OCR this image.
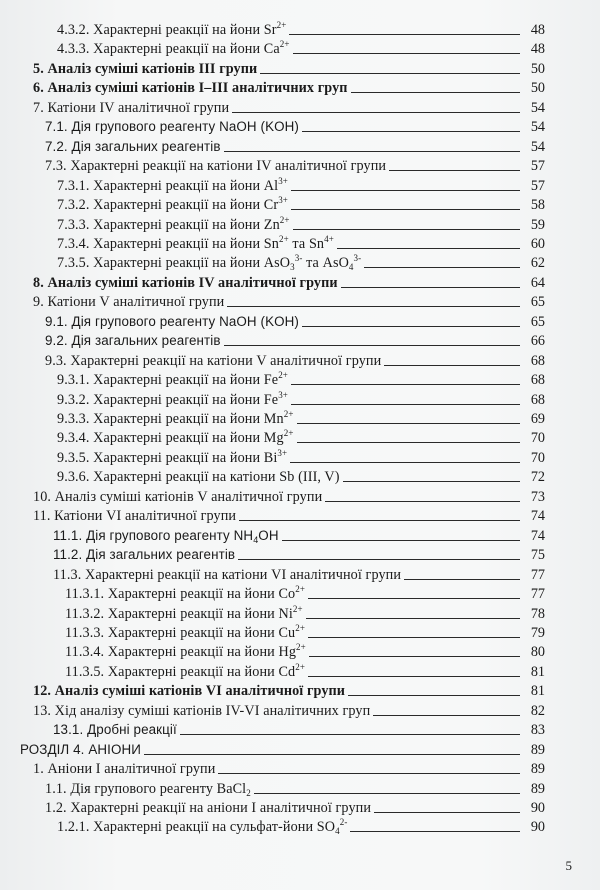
4.3.2. Характерні реакції на йони $Sr^{2+}$	48
4.3.3. Характерні реакції на йони $Ca^{2+}$	48
5. Аналіз суміші катіонів ІІІ групи	50
6. Аналіз суміші катіонів І–ІІІ аналітичних груп	50
7. Катіони IV аналітичної групи	54
7.1. Дія групового реагенту NaOH (KOH)	54
7.2. Дія загальних реагентів	54
7.3. Характерні реакції на катіони IV аналітичної групи	57
7.3.1. Характерні реакції на йони $Al^{3+}$	57
7.3.2. Характерні реакції на йони $Cr^{3+}$	58
7.3.3. Характерні реакції на йони $Zn^{2+}$	59
7.3.4. Характерні реакції на йони $Sn^{2+}$ та $Sn^{4+}$	60
7.3.5. Характерні реакції на йони AsO$_3^{3-}$ та AsO$_4^{3-}$	62
8. Аналіз суміші катіонів IV аналітичної групи	64
9. Катіони V аналітичної групи	65
9.1. Дія групового реагенту NaOH (KOH)	65
9.2. Дія загальних реагентів	66
9.3. Характерні реакції на катіони V аналітичної групи	68
9.3.1. Характерні реакції на йони $Fe^{2+}$	68
9.3.2. Характерні реакції на йони $Fe^{3+}$	68
9.3.3. Характерні реакції на йони $Mn^{2+}$	69
9.3.4. Характерні реакції на йони $Mg^{2+}$	70
9.3.5. Характерні реакції на йони $Bi^{3+}$	70
9.3.6. Характерні реакції на катіони Sb (III, V)	72
10. Аналіз суміші катіонів V аналітичної групи	73
11. Катіони VI аналітичної групи	74
11.1. Дія групового реагенту $NH_4OH$	74
11.2. Дія загальних реагентів	75
11.3. Характерні реакції на катіони VI аналітичної групи	77
11.3.1. Характерні реакції на йони $Co^{2+}$	77
11.3.2. Характерні реакції на йони $Ni^{2+}$	78
11.3.3. Характерні реакції на йони $Cu^{2+}$	79
11.3.4. Характерні реакції на йони $Hg^{2+}$	80
11.3.5. Характерні реакції на йони $Cd^{2+}$	81
12. Аналіз суміші катіонів VI аналітичної групи	81
13. Хід аналізу суміші катіонів IV-VI аналітичних груп	82
13.1. Дробні реакції	83
РОЗДІЛ 4. АНІОНИ	89
1. Аніони І аналітичної групи	89
1.1. Дія групового реагенту BaCl$_2$	89
1.2. Характерні реакції на аніони І аналітичної групи	90
1.2.1. Характерні реакції на сульфат-йони $SO_4^{2-}$	90
5
